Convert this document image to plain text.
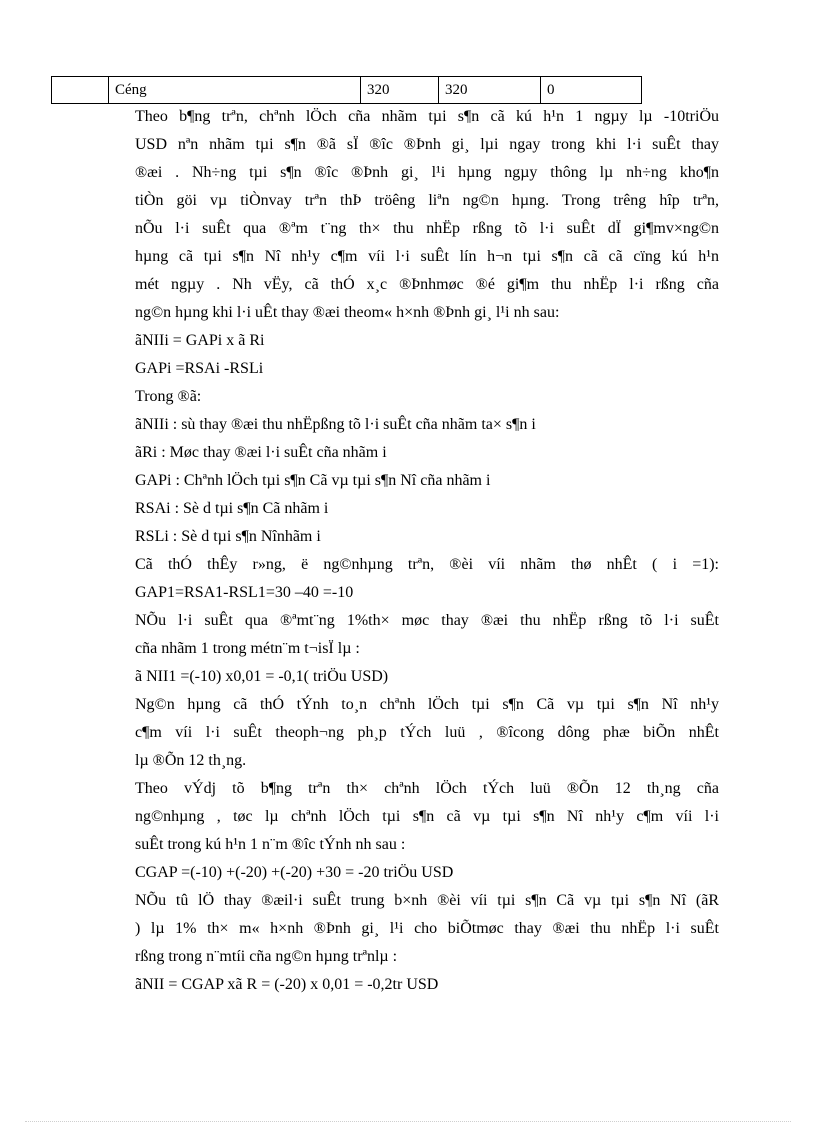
	Céng	320	320	0
Theo b¶ng trªn, chªnh lÖch cña nhãm tµi s¶n cã kú h¹n 1 ngµy lµ -10triÖu
USD nªn nhãm tµi s¶n ®ã sÏ ®îc ®Þnh gi¸ lµi ngay trong khi l·i suÊt thay
®æi . Nh÷ng tµi s¶n ®îc ®Þnh gi¸ l¹i hµng ngµy thông lµ nh÷ng kho¶n
tiÒn göi vµ tiÒnvay trªn thÞ tröêng liªn ng©n hµng. Trong trêng hîp trªn,
nÕu l·i suÊt qua ®ªm t¨ng th× thu nhËp rßng tõ l·i suÊt dÏ gi¶mv×ng©n
hµng cã tµi s¶n Nî nh¹y c¶m víi l·i suÊt lín h¬n tµi s¶n cã cã cïng kú h¹n
mét ngµy . Nh vËy, cã thÓ x¸c ®Þnhmøc ®é gi¶m thu nhËp l·i rßng cña
ng©n hµng khi l·i uÊt thay ®æi theom« h×nh ®Þnh gi¸ l¹i nh sau:
ãNIIi = GAPi x ã Ri
GAPi =RSAi -RSLi
Trong ®ã:
ãNIIi : sù thay ®æi thu nhËpßng tõ l·i suÊt cña nhãm ta× s¶n i
ãRi : Møc thay ®æi l·i suÊt cña nhãm i
GAPi : Chªnh lÖch tµi s¶n Cã vµ tµi s¶n Nî cña nhãm i
RSAi : Sè d tµi s¶n Cã nhãm i
RSLi : Sè d tµi s¶n Nînhãm i
Cã thÓ thÊy r»ng, ë ng©nhµng trªn, ®èi víi nhãm thø nhÊt ( i =1):
GAP1=RSA1-RSL1=30 –40 =-10
NÕu l·i suÊt qua ®ªmt¨ng 1%th× møc thay ®æi thu nhËp rßng tõ l·i suÊt
cña nhãm 1 trong métn¨m t¬isÏ lµ :
ã NII1 =(-10) x0,01 = -0,1( triÖu USD)
Ng©n hµng cã thÓ tÝnh to¸n chªnh lÖch tµi s¶n Cã vµ tµi s¶n Nî nh¹y
c¶m víi l·i suÊt theoph¬ng ph¸p tÝch luü , ®îcong dông phæ biÕn nhÊt
lµ ®Õn 12 th¸ng.
Theo vÝdj tõ b¶ng trªn th× chªnh lÖch tÝch luü ®Õn 12 th¸ng cña
ng©nhµng , tøc lµ chªnh lÖch tµi s¶n cã vµ tµi s¶n Nî nh¹y c¶m víi l·i
suÊt trong kú h¹n 1 n¨m ®îc tÝnh nh sau :
CGAP =(-10) +(-20) +(-20) +30 = -20 triÖu USD
NÕu tû lÖ thay ®æil·i suÊt trung b×nh ®èi víi tµi s¶n Cã vµ tµi s¶n Nî (ãR
) lµ 1% th× m« h×nh ®Þnh gi¸ l¹i cho biÕtmøc thay ®æi thu nhËp l·i suÊt
rßng trong n¨mtíi cña ng©n hµng trªnlµ :
ãNII = CGAP xã R = (-20) x 0,01 = -0,2tr USD
